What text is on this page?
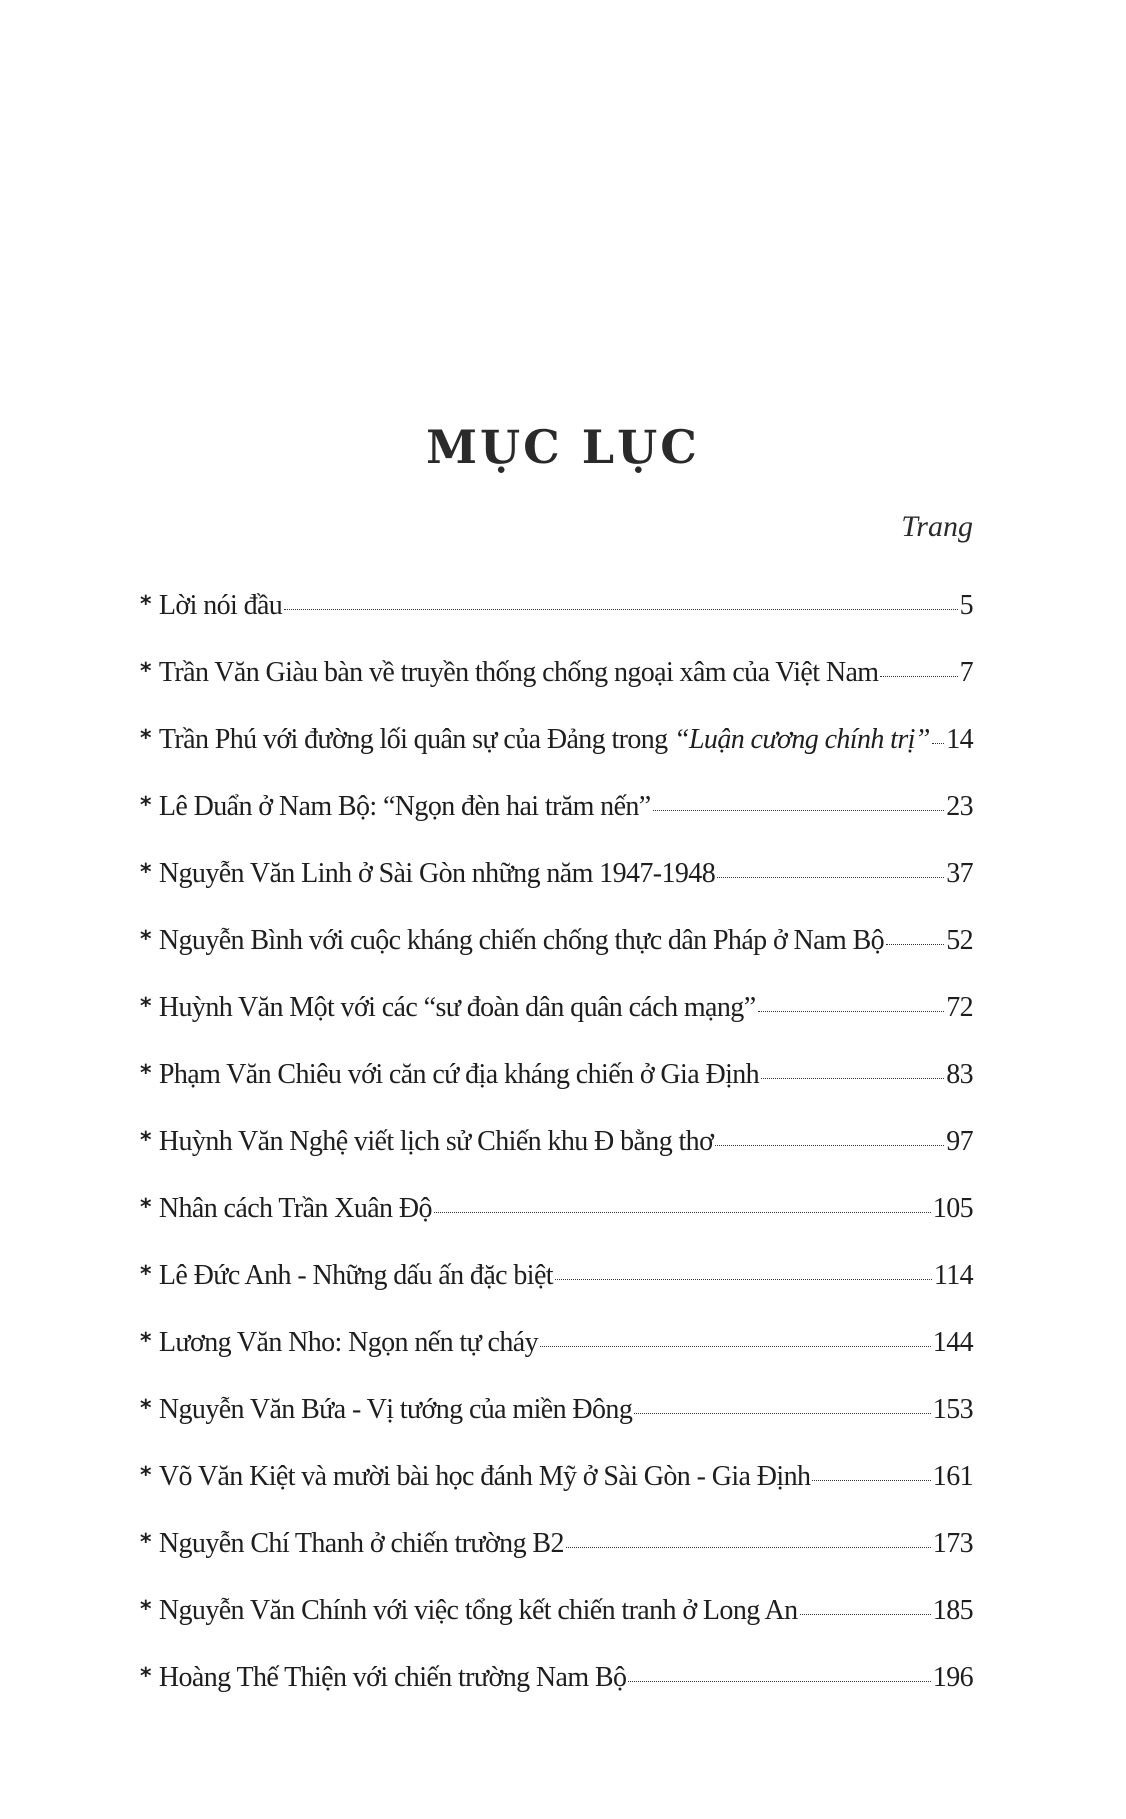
MỤC LỤC
Trang
* Lời nói đầu	5
* Trần Văn Giàu bàn về truyền thống chống ngoại xâm của Việt Nam	7
* Trần Phú với đường lối quân sự của Đảng trong “Luận cương chính trị” 14
* Lê Duẩn ở Nam Bộ: “Ngọn đèn hai trăm nến”	23
* Nguyễn Văn Linh ở Sài Gòn những năm 1947-1948	37
* Nguyễn Bình với cuộc kháng chiến chống thực dân Pháp ở Nam Bộ 52
* Huỳnh Văn Một với các “sư đoàn dân quân cách mạng”	72
* Phạm Văn Chiêu với căn cứ địa kháng chiến ở Gia Định	83
* Huỳnh Văn Nghệ viết lịch sử Chiến khu Đ bằng thơ	97
* Nhân cách Trần Xuân Độ	105
* Lê Đức Anh - Những dấu ấn đặc biệt	114
* Lương Văn Nho: Ngọn nến tự cháy	144
* Nguyễn Văn Bứa - Vị tướng của miền Đông	153
* Võ Văn Kiệt và mười bài học đánh Mỹ ở Sài Gòn - Gia Định	161
* Nguyễn Chí Thanh ở chiến trường B2	173
* Nguyễn Văn Chính với việc tổng kết chiến tranh ở Long An	185
* Hoàng Thế Thiện với chiến trường Nam Bộ	196
